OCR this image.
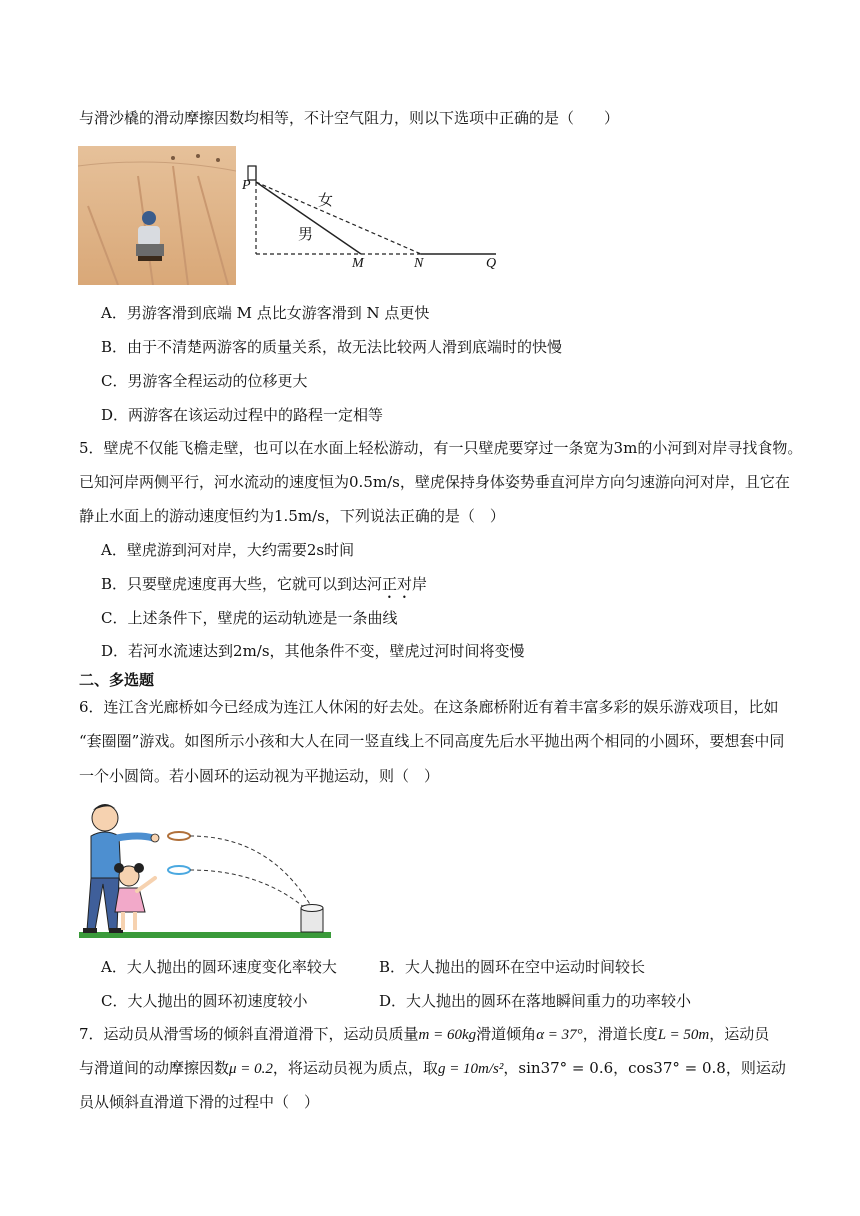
与滑沙橇的滑动摩擦因数均相等，不计空气阻力，则以下选项中正确的是（　　）
P
女
男
M	N	Q
A．男游客滑到底端 M 点比女游客滑到 N 点更快
B．由于不清楚两游客的质量关系，故无法比较两人滑到底端时的快慢
C．男游客全程运动的位移更大
D．两游客在该运动过程中的路程一定相等
5．壁虎不仅能飞檐走壁，也可以在水面上轻松游动，有一只壁虎要穿过一条宽为3m的小河到对岸寻找食物。
已知河岸两侧平行，河水流动的速度恒为0.5m/s，壁虎保持身体姿势垂直河岸方向匀速游向河对岸，且它在
静止水面上的游动速度恒约为1.5m/s，下列说法正确的是（　）
A．壁虎游到河对岸，大约需要2s时间
B．只要壁虎速度再大些，它就可以到达河正对岸
C．上述条件下，壁虎的运动轨迹是一条曲线
D．若河水流速达到2m/s，其他条件不变，壁虎过河时间将变慢
二、多选题
6．连江含光廊桥如今已经成为连江人休闲的好去处。在这条廊桥附近有着丰富多彩的娱乐游戏项目，比如
“套圈圈”游戏。如图所示小孩和大人在同一竖直线上不同高度先后水平抛出两个相同的小圆环，要想套中同
一个小圆筒。若小圆环的运动视为平抛运动，则（　）
A．大人抛出的圆环速度变化率较大	B．大人抛出的圆环在空中运动时间较长
C．大人抛出的圆环初速度较小	D．大人抛出的圆环在落地瞬间重力的功率较小
7．运动员从滑雪场的倾斜直滑道滑下，运动员质量m = 60kg滑道倾角α = 37°，滑道长度L = 50m，运动员
与滑道间的动摩擦因数μ = 0.2，将运动员视为质点，取g = 10m/s²，sin37° = 0.6，cos37° = 0.8，则运动
员从倾斜直滑道下滑的过程中（　）
